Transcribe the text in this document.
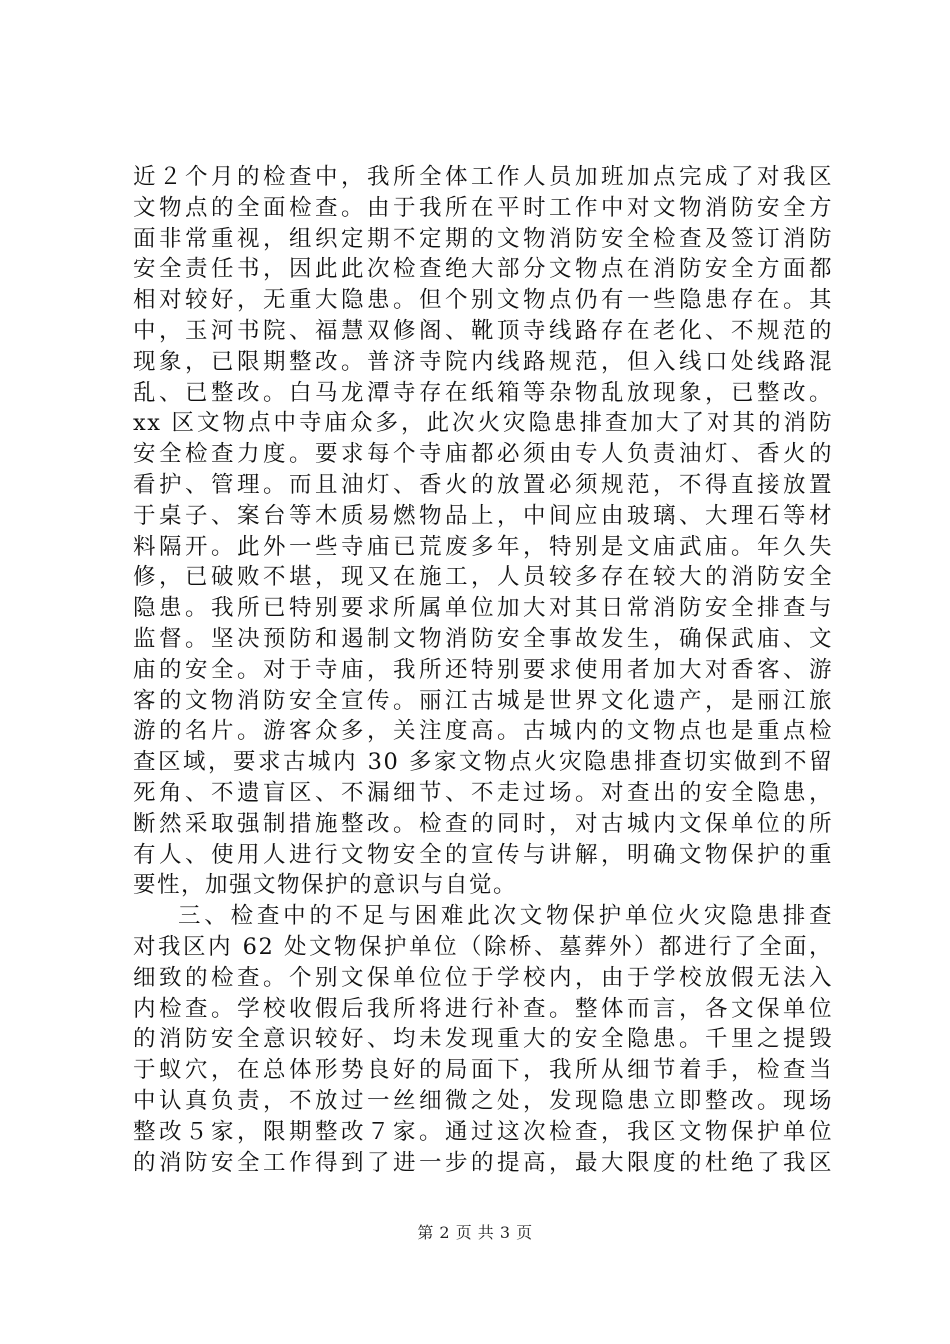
近２个月的检查中，我所全体工作人员加班加点完成了对我区
文物点的全面检查。由于我所在平时工作中对文物消防安全方
面非常重视，组织定期不定期的文物消防安全检查及签订消防
安全责任书，因此此次检查绝大部分文物点在消防安全方面都
相对较好，无重大隐患。但个别文物点仍有一些隐患存在。其
中，玉河书院、福慧双修阁、靴顶寺线路存在老化、不规范的
现象，已限期整改。普济寺院内线路规范，但入线口处线路混
乱、已整改。白马龙潭寺存在纸箱等杂物乱放现象，已整改。
xx 区文物点中寺庙众多，此次火灾隐患排查加大了对其的消防
安全检查力度。要求每个寺庙都必须由专人负责油灯、香火的
看护、管理。而且油灯、香火的放置必须规范，不得直接放置
于桌子、案台等木质易燃物品上，中间应由玻璃、大理石等材
料隔开。此外一些寺庙已荒废多年，特别是文庙武庙。年久失
修，已破败不堪，现又在施工，人员较多存在较大的消防安全
隐患。我所已特别要求所属单位加大对其日常消防安全排查与
监督。坚决预防和遏制文物消防安全事故发生，确保武庙、文
庙的安全。对于寺庙，我所还特别要求使用者加大对香客、游
客的文物消防安全宣传。丽江古城是世界文化遗产，是丽江旅
游的名片。游客众多，关注度高。古城内的文物点也是重点检
查区域，要求古城内 30 多家文物点火灾隐患排查切实做到不留
死角、不遗盲区、不漏细节、不走过场。对查出的安全隐患，
断然采取强制措施整改。检查的同时，对古城内文保单位的所
有人、使用人进行文物安全的宣传与讲解，明确文物保护的重
要性，加强文物保护的意识与自觉。
三、检查中的不足与困难此次文物保护单位火灾隐患排查
对我区内 62 处文物保护单位（除桥、墓葬外）都进行了全面，
细致的检查。个别文保单位位于学校内，由于学校放假无法入
内检查。学校收假后我所将进行补查。整体而言，各文保单位
的消防安全意识较好、均未发现重大的安全隐患。千里之提毁
于蚁穴，在总体形势良好的局面下，我所从细节着手，检查当
中认真负责，不放过一丝细微之处，发现隐患立即整改。现场
整改５家，限期整改７家。通过这次检查，我区文物保护单位
的消防安全工作得到了进一步的提高，最大限度的杜绝了我区
第 2 页 共 3 页
